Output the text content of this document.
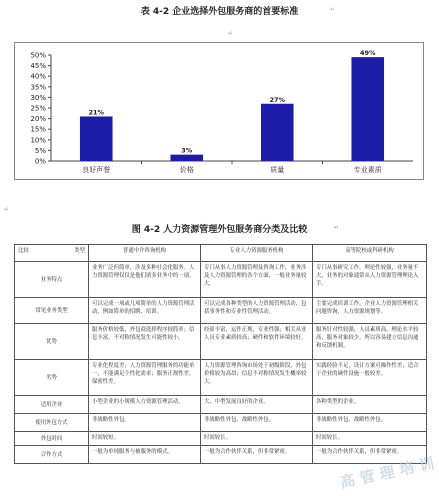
表 4-2 企业选择外包服务商的首要标准	↵
↵
0%
5%
10%
15%
20%
25%
30%
35%
40%
45%
50%
21%
良好声誉
3%
价格
27%
质量
49%
专业素质
↵
图 4-2 人力资源管理外包服务商分类及比较	↵
比较 类型	普通中介咨询机构	专业人力资源服务机构	高等院校或科研机构
业务特点	业务广泛但简单，涉及多种社会化服务。人力资源管理仅仅是他们诸多业务中的一项。	专门从事人力资源管理及咨询工作，业务涉及人力资源管理的各个方面，一般业务量较大。	专门从事研究工作，理论性较强，业务量不大，业务的对象通常从人力资源管理理论入手。
常见业务类型	可以完成一项或几项简单的人力资源管理活动，例如简单的招聘、培训。	可以完成各种类型的人力资源管理活动，包括事务性和专业性管理活动。	主要完成培训工作，企业人力资源管理相关问题咨询，人力资源规划等。
优势	服务价格较低，外包商选择程序较简单；信息丰富，不对称情况发生可能性较小。	经验丰富，运作正规，专业性强；相关从业人员专业素质较高；硬件和软件环境较好。	服务针对性较强，人员素质高，理论水平较高，服务对象较少，所以容易建立信息沟通和反馈机制。
劣势	专业化程度差；人力资源管理服务的功能单一，不能满足个性化需求；服务正规性差，保密性差。	人力资源管理咨询市场处于初级阶段，外包价格较为高昂；信息不对称情况发生概率较大。	实践经验不足，设计方案可操作性差；适合于企业的硬件设施一般较差。
适用企业	小型企业的小规模人力资源管理活动。	大、中型发展良好的企业。	各种类型的企业。
使用外包方式	非战略性外包。	非战略性外包、战略性外包。	非战略性外包、战略性外包。
外包时间	时间较短。	时间较长。	时间较长。
合作方式	一般为单纯服务与被服务的模式。	一般为合作伙伴关系，但非常紧密。	一般为合作伙伴关系，但非常紧密。
高 管 理 培 训
